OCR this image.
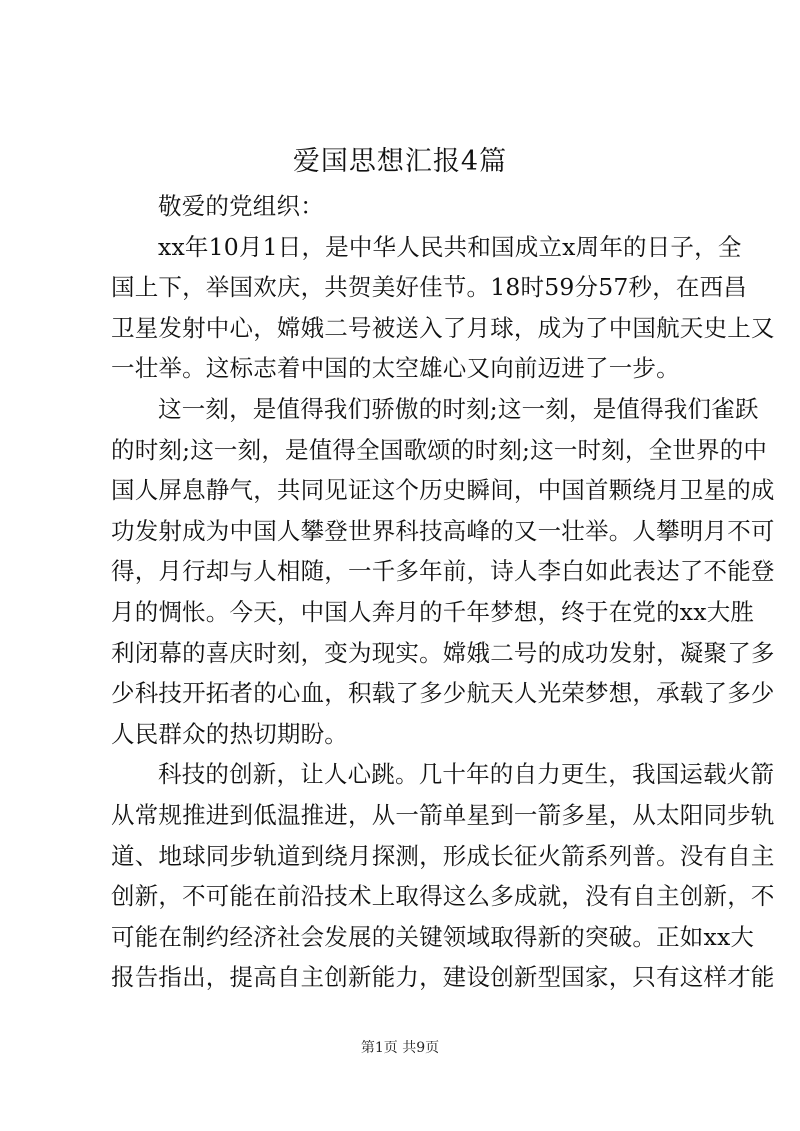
爱国思想汇报4篇

敬爱的党组织：

xx年10月1日，是中华人民共和国成立x周年的日子，全
国上下，举国欢庆，共贺美好佳节。18时59分57秒，在西昌
卫星发射中心，嫦娥二号被送入了月球，成为了中国航天史上又
一壮举。这标志着中国的太空雄心又向前迈进了一步。

这一刻，是值得我们骄傲的时刻;这一刻，是值得我们雀跃
的时刻;这一刻，是值得全国歌颂的时刻;这一时刻，全世界的中
国人屏息静气，共同见证这个历史瞬间，中国首颗绕月卫星的成
功发射成为中国人攀登世界科技高峰的又一壮举。人攀明月不可
得，月行却与人相随，一千多年前，诗人李白如此表达了不能登
月的惆怅。今天，中国人奔月的千年梦想，终于在党的xx大胜
利闭幕的喜庆时刻，变为现实。嫦娥二号的成功发射，凝聚了多
少科技开拓者的心血，积载了多少航天人光荣梦想，承载了多少
人民群众的热切期盼。

科技的创新，让人心跳。几十年的自力更生，我国运载火箭
从常规推进到低温推进，从一箭单星到一箭多星，从太阳同步轨
道、地球同步轨道到绕月探测，形成长征火箭系列普。没有自主
创新，不可能在前沿技术上取得这么多成就，没有自主创新，不
可能在制约经济社会发展的关键领域取得新的突破。正如xx大
报告指出，提高自主创新能力，建设创新型国家，只有这样才能

第1页 共9页
